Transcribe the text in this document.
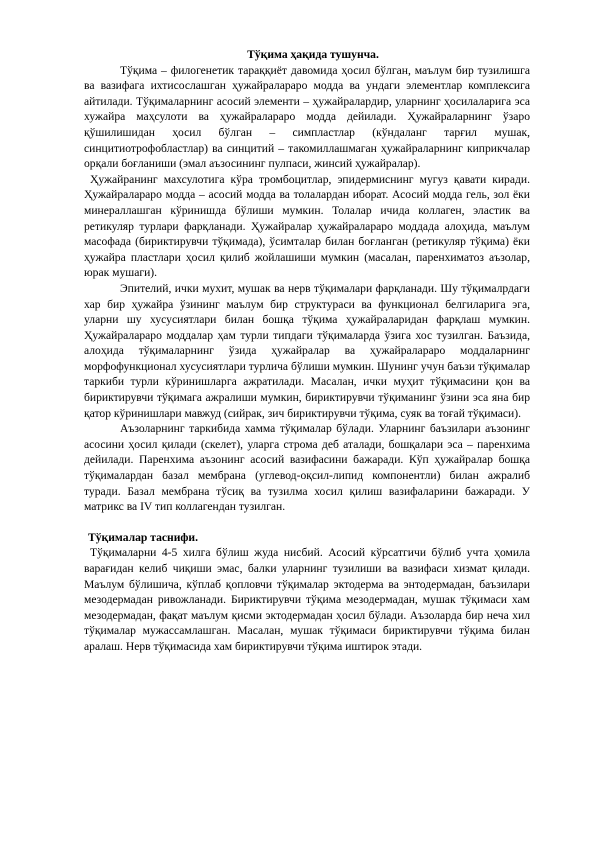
Тўқима ҳақида тушунча.

Тўқима – филогенетик тараққиёт давомида ҳосил бўлган, маълум бир тузилишга ва вазифага ихтисослашган ҳужайралараро модда ва ундаги элементлар комплексига айтилади. Тўқималарнинг асосий элементи – ҳужайралардир, уларнинг ҳосилаларига эса хужайра маҳсулоти ва ҳужайралараро модда дейилади. Ҳужайраларнинг ўзаро қўшилишидан ҳосил бўлган – симпластлар (кўндаланг тарғил мушак, синцитиотрофобластлар) ва синцитий – такомиллашмаган ҳужайраларнинг киприкчалар орқали боғланиши (эмал аъзосининг пулпаси, жинсий ҳужайралар).

Ҳужайранинг махсулотига кўра тромбоцитлар, эпидермиснинг мугуз қавати киради. Ҳужайралараро модда – асосий модда ва толалардан иборат. Асосий модда гель, зол ёки минераллашган кўринишда бўлиши мумкин. Толалар ичида коллаген, эластик ва ретикуляр турлари фарқланади. Ҳужайралар ҳужайралараро моддада алоҳида, маълум масофада (бириктирувчи тўқимада), ўсимталар билан боғланган (ретикуляр тўқима) ёки ҳужайра пластлари ҳосил қилиб жойлашиши мумкин (масалан, паренхиматоз аъзолар, юрак мушаги).

Эпителий, ички мухит, мушак ва нерв тўқималари фарқланади. Шу тўқималрдаги хар бир ҳужайра ўзининг маълум бир структураси ва функционал белгиларига эга, уларни шу хусусиятлари билан бошқа тўқима ҳужайраларидан фарқлаш мумкин. Ҳужайралараро моддалар ҳам турли типдаги тўқималарда ўзига хос тузилган. Баъзида, алоҳида тўқималарнинг ўзида ҳужайралар ва ҳужайралараро моддаларнинг морфофункционал хусусиятлари турлича бўлиши мумкин. Шунинг учун баъзи тўқималар таркиби турли кўринишларга ажратилади. Масалан, ички муҳит тўқимасини қон ва бириктирувчи тўқимага ажралиши мумкин, бириктирувчи тўқиманинг ўзини эса яна бир қатор кўринишлари мавжуд (сийрак, зич бириктирувчи тўқима, суяк ва тоғай тўқимаси).

Аъзоларнинг таркибида хамма тўқималар бўлади. Уларнинг баъзилари аъзонинг асосини ҳосил қилади (скелет), уларга строма деб аталади, бошқалари эса – паренхима дейилади. Паренхима аъзонинг асосий вазифасини бажаради. Кўп ҳужайралар бошқа тўқималардан базал мембрана (углевод-оқсил-липид компонентли) билан ажралиб туради. Базал мембрана тўсиқ ва тузилма хосил қилиш вазифаларини бажаради. У матрикс ва IV тип коллагендан тузилган.

Тўқималар таснифи.

Тўқималарни 4-5 хилга бўлиш жуда нисбий. Асосий кўрсатгичи бўлиб учта ҳомила варағидан келиб чиқиши эмас, балки уларнинг тузилиши ва вазифаси хизмат қилади. Маълум бўлишича, кўплаб қопловчи тўқималар эктодерма ва энтодермадан, баъзилари мезодермадан ривожланади. Бириктирувчи тўқима мезодермадан, мушак тўқимаси хам мезодермадан, фақат маълум қисми эктодермадан ҳосил бўлади. Аъзоларда бир неча хил тўқималар мужассамлашган. Масалан, мушак тўқимаси бириктирувчи тўқима билан аралаш. Нерв тўқимасида хам бириктирувчи тўқима иштирок этади.
